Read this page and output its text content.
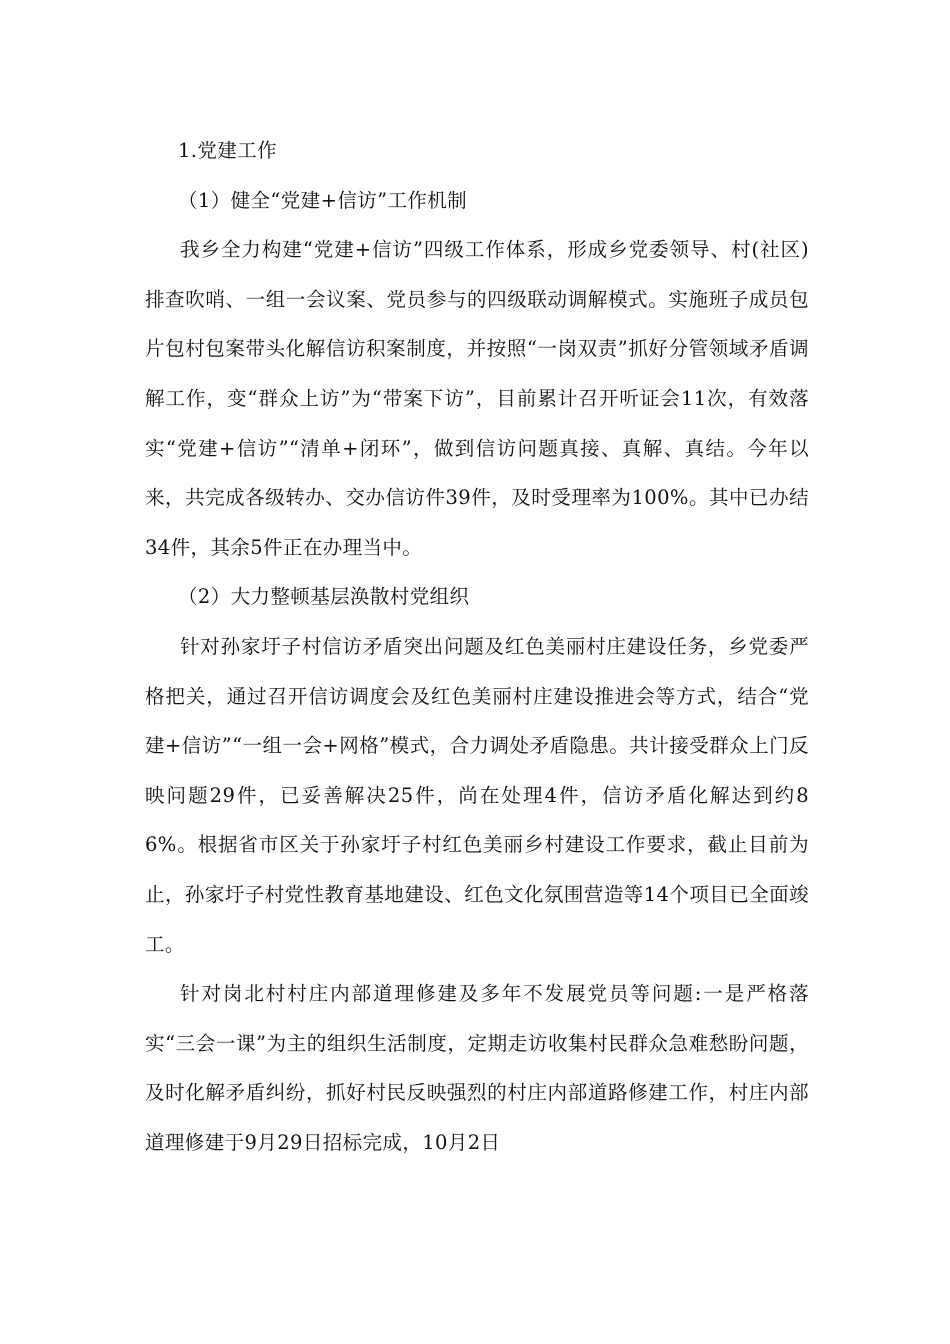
1.党建工作

（1）健全“党建+信访”工作机制

我乡全力构建“党建+信访”四级工作体系，形成乡党委领导、村(社区)排查吹哨、一组一会议案、党员参与的四级联动调解模式。实施班子成员包片包村包案带头化解信访积案制度，并按照“一岗双责”抓好分管领域矛盾调解工作，变“群众上访”为“带案下访”，目前累计召开听证会11次，有效落实“党建+信访”“清单+闭环”，做到信访问题真接、真解、真结。今年以来，共完成各级转办、交办信访件39件，及时受理率为100%。其中已办结34件，其余5件正在办理当中。

（2）大力整顿基层涣散村党组织

针对孙家圩子村信访矛盾突出问题及红色美丽村庄建设任务，乡党委严格把关，通过召开信访调度会及红色美丽村庄建设推进会等方式，结合“党建+信访”“一组一会+网格”模式，合力调处矛盾隐患。共计接受群众上门反映问题29件，已妥善解决25件，尚在处理4件，信访矛盾化解达到约86%。根据省市区关于孙家圩子村红色美丽乡村建设工作要求，截止目前为止，孙家圩子村党性教育基地建设、红色文化氛围营造等14个项目已全面竣工。

针对岗北村村庄内部道理修建及多年不发展党员等问题:一是严格落实“三会一课”为主的组织生活制度，定期走访收集村民群众急难愁盼问题，及时化解矛盾纠纷，抓好村民反映强烈的村庄内部道路修建工作，村庄内部道理修建于9月29日招标完成，10月2日
